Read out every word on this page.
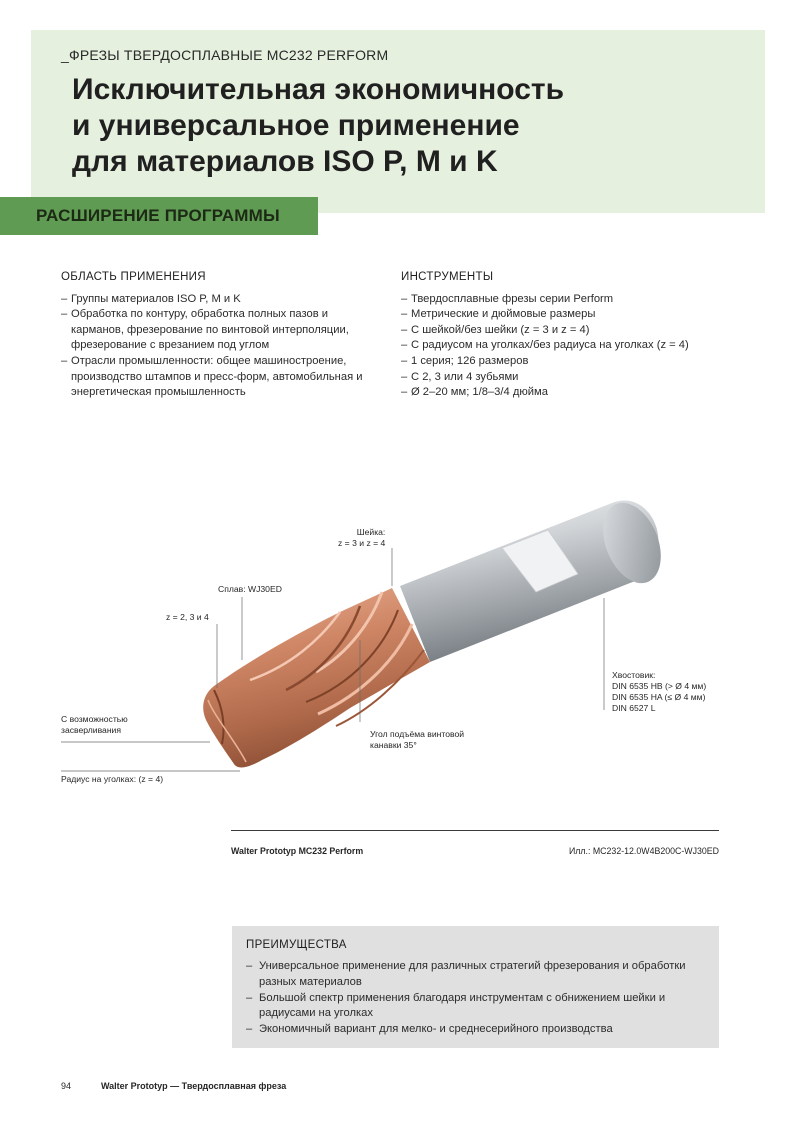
_ФРЕЗЫ ТВЕРДОСПЛАВНЫЕ MC232 PERFORM
Исключительная экономичность
и универсальное применение
для материалов ISO P, M и K
РАСШИРЕНИЕ ПРОГРАММЫ
ОБЛАСТЬ ПРИМЕНЕНИЯ
– Группы материалов ISO P, M и K
– Обработка по контуру, обработка полных пазов и карманов, фрезерование по винтовой интерполяции, фрезерование с врезанием под углом
– Отрасли промышленности: общее машиностроение, производство штампов и пресс-форм, автомобильная и энергетическая промышленность
ИНСТРУМЕНТЫ
– Твердосплавные фрезы серии Perform
– Метрические и дюймовые размеры
– С шейкой/без шейки (z = 3 и z = 4)
– С радиусом на уголках/без радиуса на уголках (z = 4)
– 1 серия; 126 размеров
– С 2, 3 или 4 зубьями
– Ø 2–20 мм; 1/8–3/4 дюйма
Шейка:
z = 3 и z = 4
Сплав: WJ30ED
z = 2, 3 и 4
С возможностью
засверливания
Радиус на уголках: (z = 4)
Угол подъёма винтовой
канавки 35°
Хвостовик:
DIN 6535 HB (> Ø 4 мм)
DIN 6535 HA (≤ Ø 4 мм)
DIN 6527 L
Walter Prototyp MC232 Perform	Илл.: MC232-12.0W4B200C-WJ30ED
ПРЕИМУЩЕСТВА
– Универсальное применение для различных стратегий фрезерования и обработки разных материалов
– Большой спектр применения благодаря инструментам с обнижением шейки и радиусами на уголках
– Экономичный вариант для мелко- и среднесерийного производства
94	Walter Prototyp — Твердосплавная фреза
